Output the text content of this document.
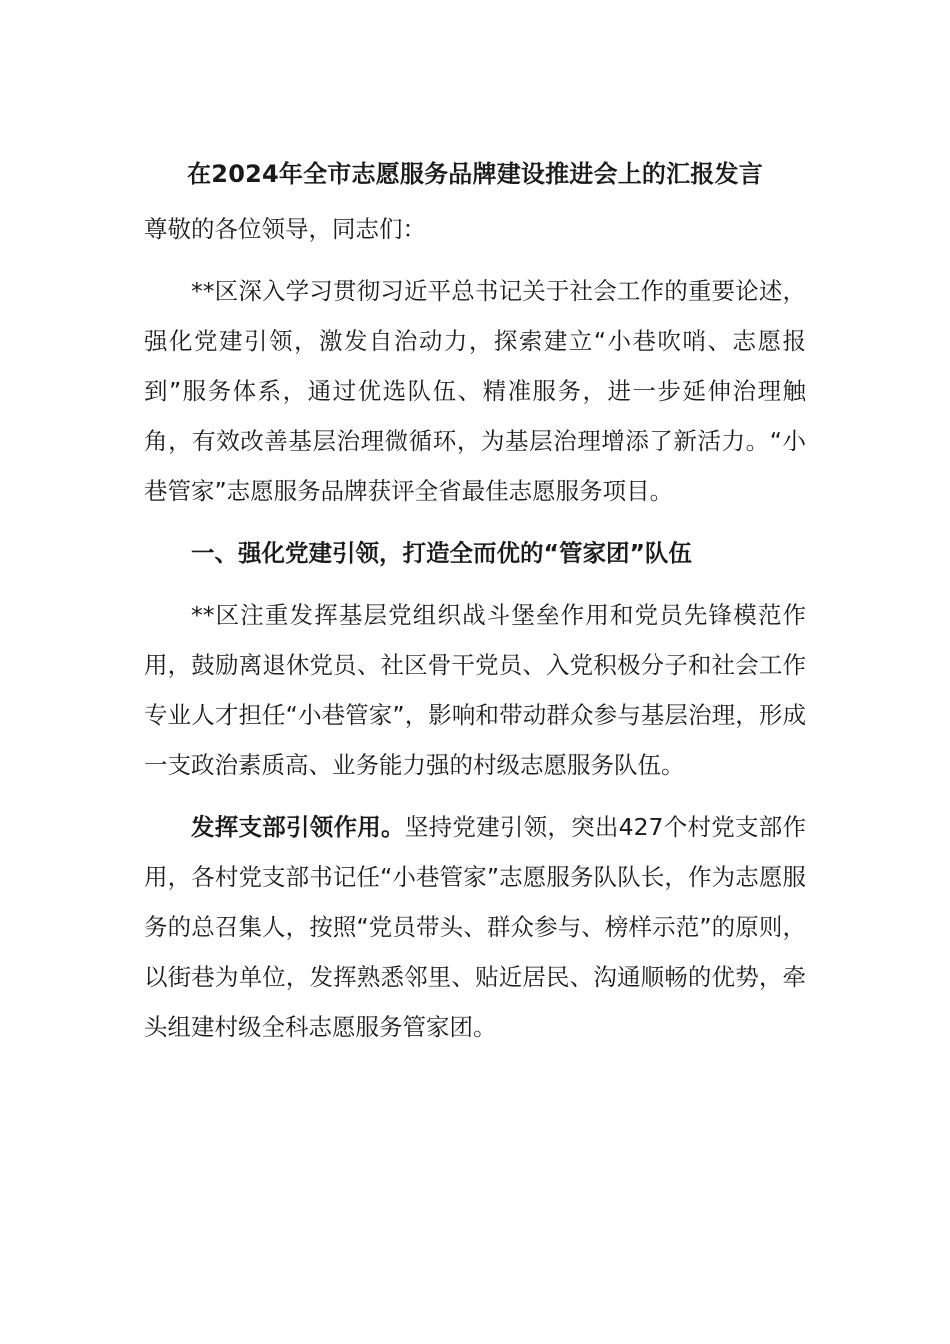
在2024年全市志愿服务品牌建设推进会上的汇报发言

尊敬的各位领导，同志们：

**区深入学习贯彻习近平总书记关于社会工作的重要论述，强化党建引领，激发自治动力，探索建立“小巷吹哨、志愿报到”服务体系，通过优选队伍、精准服务，进一步延伸治理触角，有效改善基层治理微循环，为基层治理增添了新活力。“小巷管家”志愿服务品牌获评全省最佳志愿服务项目。

一、强化党建引领，打造全而优的“管家团”队伍

**区注重发挥基层党组织战斗堡垒作用和党员先锋模范作用，鼓励离退休党员、社区骨干党员、入党积极分子和社会工作专业人才担任“小巷管家”，影响和带动群众参与基层治理，形成一支政治素质高、业务能力强的村级志愿服务队伍。

发挥支部引领作用。坚持党建引领，突出427个村党支部作用，各村党支部书记任“小巷管家”志愿服务队队长，作为志愿服务的总召集人，按照“党员带头、群众参与、榜样示范”的原则，以街巷为单位，发挥熟悉邻里、贴近居民、沟通顺畅的优势，牵头组建村级全科志愿服务管家团。
